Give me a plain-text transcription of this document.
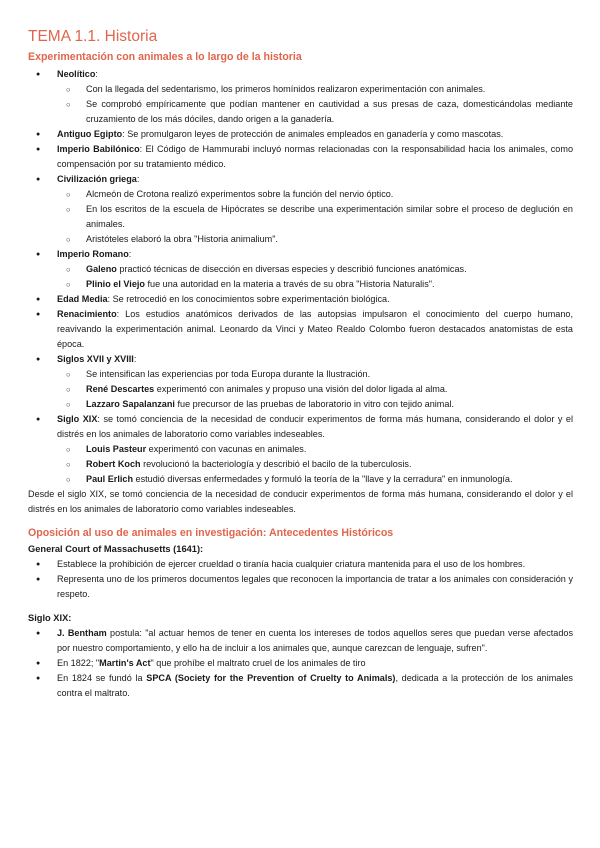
TEMA 1.1. Historia
Experimentación con animales a lo largo de la historia
● Neolítico:
○ Con la llegada del sedentarismo, los primeros homínidos realizaron experimentación con animales.
○ Se comprobó empíricamente que podían mantener en cautividad a sus presas de caza, domesticándolas mediante cruzamiento de los más dóciles, dando origen a la ganadería.
● Antiguo Egipto: Se promulgaron leyes de protección de animales empleados en ganadería y como mascotas.
● Imperio Babilónico: El Código de Hammurabi incluyó normas relacionadas con la responsabilidad hacia los animales, como compensación por su tratamiento médico.
● Civilización griega:
○ Alcmeón de Crotona realizó experimentos sobre la función del nervio óptico.
○ En los escritos de la escuela de Hipócrates se describe una experimentación similar sobre el proceso de deglución en animales.
○ Aristóteles elaboró la obra "Historia animalium".
● Imperio Romano:
○ Galeno practicó técnicas de disección en diversas especies y describió funciones anatómicas.
○ Plinio el Viejo fue una autoridad en la materia a través de su obra "Historia Naturalis".
● Edad Media: Se retrocedió en los conocimientos sobre experimentación biológica.
● Renacimiento: Los estudios anatómicos derivados de las autopsias impulsaron el conocimiento del cuerpo humano, reavivando la experimentación animal. Leonardo da Vinci y Mateo Realdo Colombo fueron destacados anatomistas de esta época.
● Siglos XVII y XVIII:
○ Se intensifican las experiencias por toda Europa durante la Ilustración.
○ René Descartes experimentó con animales y propuso una visión del dolor ligada al alma.
○ Lazzaro Sapalanzani fue precursor de las pruebas de laboratorio in vitro con tejido animal.
● Siglo XIX: se tomó conciencia de la necesidad de conducir experimentos de forma más humana, considerando el dolor y el distrés en los animales de laboratorio como variables indeseables.
○ Louis Pasteur experimentó con vacunas en animales.
○ Robert Koch revolucionó la bacteriología y describió el bacilo de la tuberculosis.
○ Paul Erlich estudió diversas enfermedades y formuló la teoría de la "llave y la cerradura" en inmunología.

Desde el siglo XIX, se tomó conciencia de la necesidad de conducir experimentos de forma más humana, considerando el dolor y el distrés en los animales de laboratorio como variables indeseables.

Oposición al uso de animales en investigación: Antecedentes Históricos
General Court of Massachusetts (1641):
● Establece la prohibición de ejercer crueldad o tiranía hacia cualquier criatura mantenida para el uso de los hombres.
● Representa uno de los primeros documentos legales que reconocen la importancia de tratar a los animales con consideración y respeto.
Siglo XIX:
● J. Bentham postula: "al actuar hemos de tener en cuenta los intereses de todos aquellos seres que puedan verse afectados por nuestro comportamiento, y ello ha de incluir a los animales que, aunque carezcan de lenguaje, sufren".
● En 1822; "Martin's Act" que prohíbe el maltrato cruel de los animales de tiro
● En 1824 se fundó la SPCA (Society for the Prevention of Cruelty to Animals), dedicada a la protección de los animales contra el maltrato.
